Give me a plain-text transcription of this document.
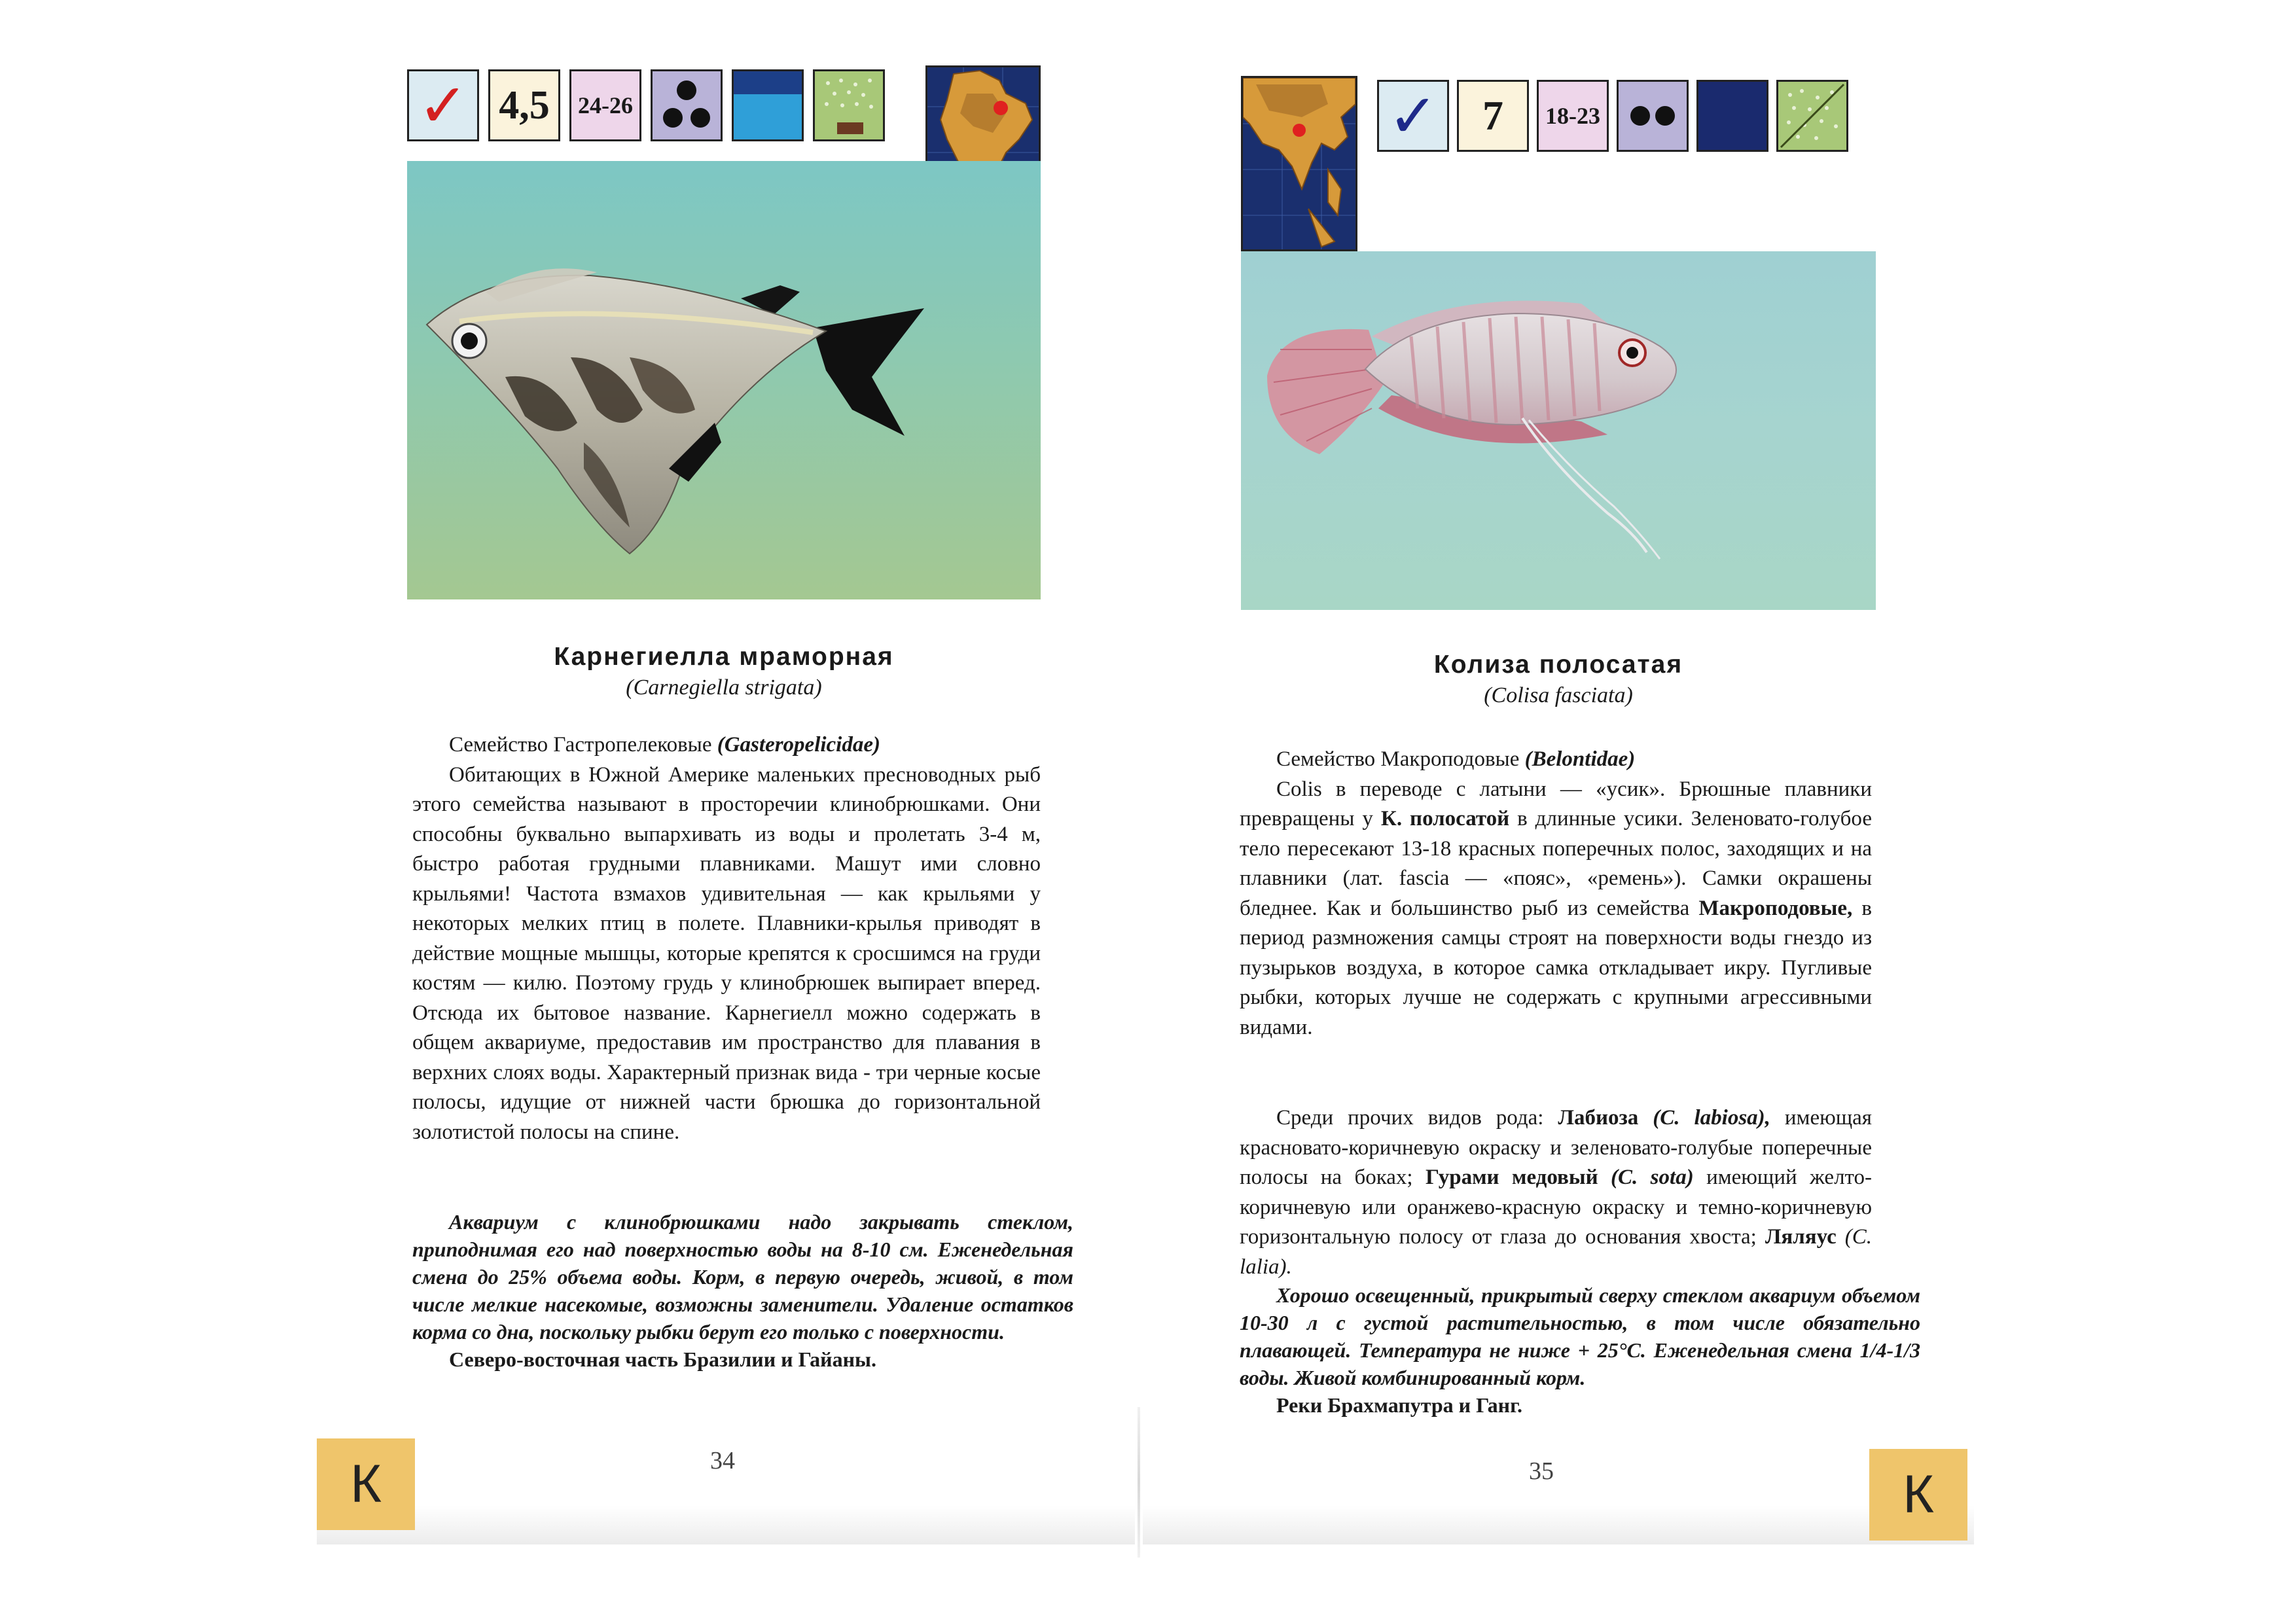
✓ 4,5 24-26
Карнегиелла мраморная
(Carnegiella strigata)

Семейство Гастропелековые (Gasteropelicidae)

Обитающих в Южной Америке маленьких пресноводных рыб этого семейства называют в просторечии клинобрюшками. Они способны буквально выпархивать из воды и пролетать 3-4 м, быстро работая грудными плавниками. Машут ими словно крыльями! Частота взмахов удивительная — как крыльями у некоторых мелких птиц в полете. Плавники-крылья приводят в действие мощные мышцы, которые крепятся к сросшимся на груди костям — килю. Поэтому грудь у клинобрюшек выпирает вперед. Отсюда их бытовое название. Карнегиелл можно содержать в общем аквариуме, предоставив им пространство для плавания в верхних слоях воды. Характерный признак вида - три черные косые полосы, идущие от нижней части брюшка до горизонтальной золотистой полосы на спине.

Аквариум с клинобрюшками надо закрывать стеклом, приподнимая его над поверхностью воды на 8-10 см. Еженедельная смена до 25% объема воды. Корм, в первую очередь, живой, в том числе мелкие насекомые, возможны заменители. Удаление остатков корма со дна, поскольку рыбки берут его только с поверхности.

Северо-восточная часть Бразилии и Гайаны.

К	34
✓ 7 18-23
Колиза полосатая
(Colisa fasciata)

Семейство Макроподовые (Belontidae)

Colis в переводе с латыни — «усик». Брюшные плавники превращены у К. полосатой в длинные усики. Зеленовато-голубое тело пересекают 13-18 красных поперечных полос, заходящих и на плавники (лат. fascia — «пояс», «ремень»). Самки окрашены бледнее. Как и большинство рыб из семейства Макроподовые, в период размножения самцы строят на поверхности воды гнездо из пузырьков воздуха, в которое самка откладывает икру. Пугливые рыбки, которых лучше не содержать с крупными агрессивными видами.

Среди прочих видов рода: Лабиоза (C. labiosa), имеющая красновато-коричневую окраску и зеленовато-голубые поперечные полосы на боках; Гурами медовый (C. sota) имеющий желто-коричневую или оранжево-красную окраску и темно-коричневую горизонтальную полосу от глаза до основания хвоста; Ляляус (C. lalia).

Хорошо освещенный, прикрытый сверху стеклом аквариум объемом 10-30 л с густой растительностью, в том числе обязательно плавающей. Температура не ниже + 25°С. Еженедельная смена 1/4-1/3 воды. Живой комбинированный корм.

Реки Брахмапутра и Ганг.

35	К
